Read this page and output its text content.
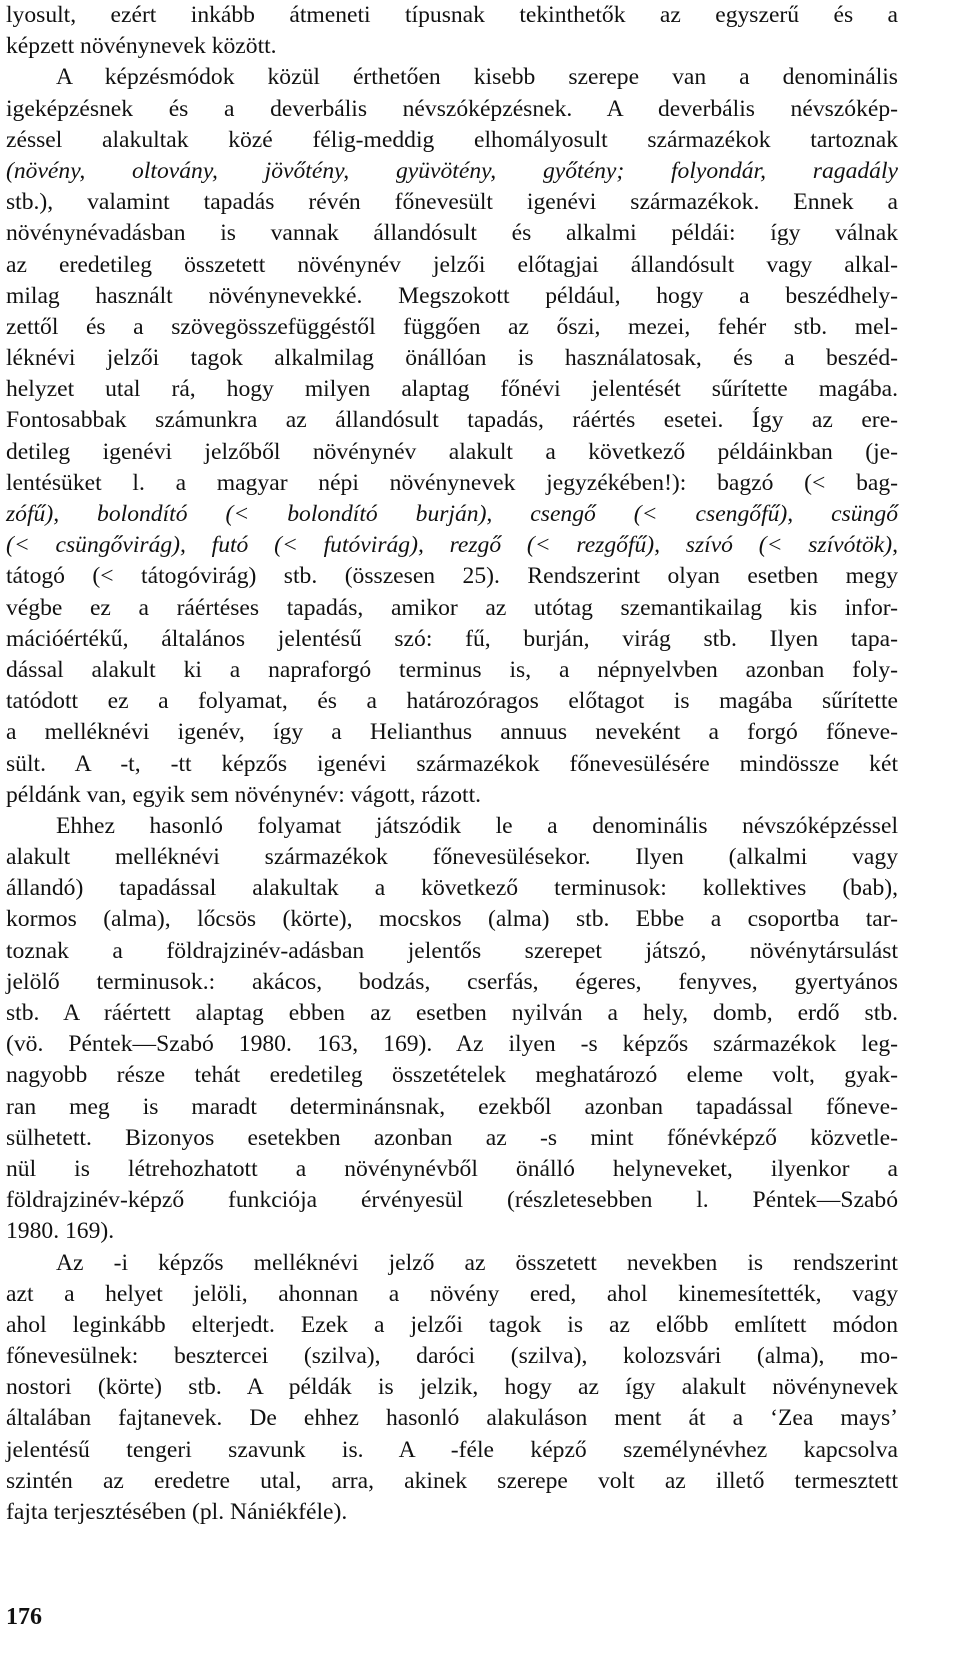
lyosult, ezért inkább átmeneti típusnak tekinthetők az egyszerű és a
képzett növénynevek között.
A képzésmódok közül érthetően kisebb szerepe van a denominális
igeképzésnek és a deverbális névszóképzésnek. A deverbális névszókép-
zéssel alakultak közé félig-meddig elhomályosult származékok tartoznak
(növény, oltovány, jövőtény, gyüvötény, győtény; folyondár, ragadály
stb.), valamint tapadás révén főnevesült igenévi származékok. Ennek a
növénynévadásban is vannak állandósult és alkalmi példái: így válnak
az eredetileg összetett növénynév jelzői előtagjai állandósult vagy alkal-
milag használt növénynevekké. Megszokott például, hogy a beszédhely-
zettől és a szövegösszefüggéstől függően az őszi, mezei, fehér stb. mel-
léknévi jelzői tagok alkalmilag önállóan is használatosak, és a beszéd-
helyzet utal rá, hogy milyen alaptag főnévi jelentését sűrítette magába.
Fontosabbak számunkra az állandósult tapadás, ráértés esetei. Így az ere-
detileg igenévi jelzőből növénynév alakult a következő példáinkban (je-
lentésüket l. a magyar népi növénynevek jegyzékében!): bagzó (< bag-
zófű), bolondító (< bolondító burján), csengő (< csengőfű), csüngő
(< csüngővirág), futó (< futóvirág), rezgő (< rezgőfű), szívó (< szívótök),
tátogó (< tátogóvirág) stb. (összesen 25). Rendszerint olyan esetben megy
végbe ez a ráértéses tapadás, amikor az utótag szemantikailag kis infor-
mációértékű, általános jelentésű szó: fű, burján, virág stb. Ilyen tapa-
dással alakult ki a napraforgó terminus is, a népnyelvben azonban foly-
tatódott ez a folyamat, és a határozóragos előtagot is magába sűrítette
a melléknévi igenév, így a Helianthus annuus neveként a forgó főneve-
sült. A -t, -tt képzős igenévi származékok főnevesülésére mindössze két
példánk van, egyik sem növénynév: vágott, rázott.
Ehhez hasonló folyamat játszódik le a denominális névszóképzéssel
alakult melléknévi származékok főnevesülésekor. Ilyen (alkalmi vagy
állandó) tapadással alakultak a következő terminusok: kollektives (bab),
kormos (alma), lőcsös (körte), mocskos (alma) stb. Ebbe a csoportba tar-
toznak a földrajzinév-adásban jelentős szerepet játszó, növénytársulást
jelölő terminusok.: akácos, bodzás, cserfás, égeres, fenyves, gyertyános
stb. A ráértett alaptag ebben az esetben nyilván a hely, domb, erdő stb.
(vö. Péntek—Szabó 1980. 163, 169). Az ilyen -s képzős származékok leg-
nagyobb része tehát eredetileg összetételek meghatározó eleme volt, gyak-
ran meg is maradt determinánsnak, ezekből azonban tapadással főneve-
sülhetett. Bizonyos esetekben azonban az -s mint főnévképző közvetle-
nül is létrehozhatott a növénynévből önálló helyneveket, ilyenkor a
földrajzinév-képző funkciója érvényesül (részletesebben l. Péntek—Szabó
1980. 169).
Az -i képzős melléknévi jelző az összetett nevekben is rendszerint
azt a helyet jelöli, ahonnan a növény ered, ahol kinemesítették, vagy
ahol leginkább elterjedt. Ezek a jelzői tagok is az előbb említett módon
főnevesülnek: besztercei (szilva), daróci (szilva), kolozsvári (alma), mo-
nostori (körte) stb. A példák is jelzik, hogy az így alakult növénynevek
általában fajtanevek. De ehhez hasonló alakuláson ment át a ‘Zea mays’
jelentésű tengeri szavunk is. A -féle képző személynévhez kapcsolva
szintén az eredetre utal, arra, akinek szerepe volt az illető termesztett
fajta terjesztésében (pl. Nániékféle).
176
